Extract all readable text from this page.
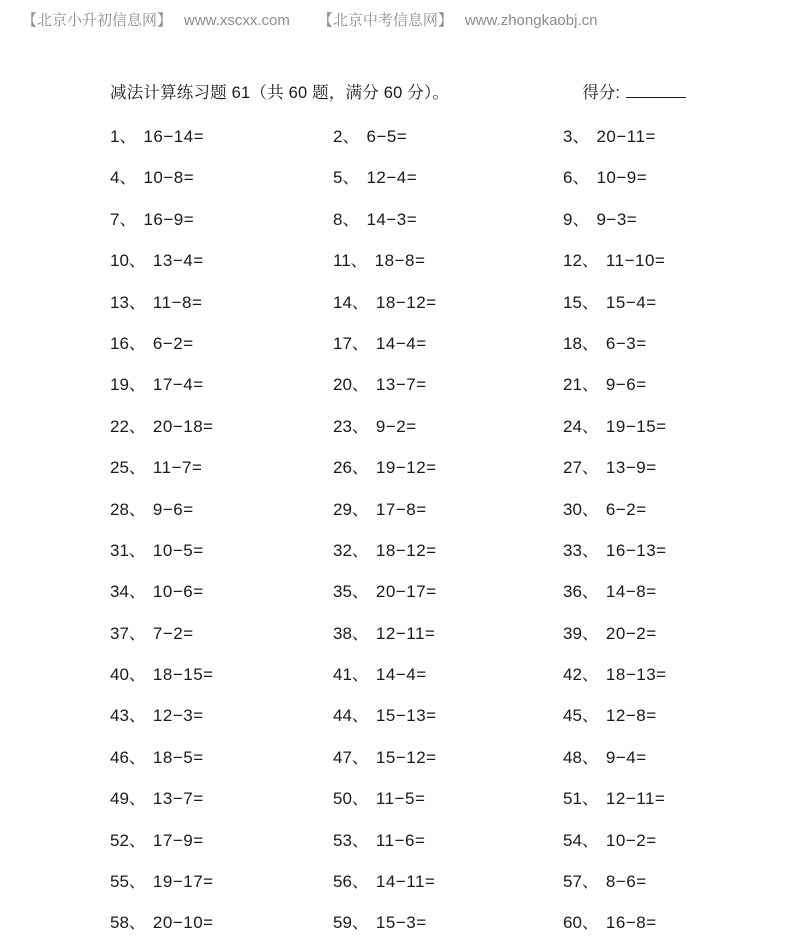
【北京小升初信息网】 www.xscxx.com 【北京中考信息网】 www.zhongkaobj.cn
减法计算练习题 61（共 60 题，满分 60 分）。	得分:
1、 16−14=	2、 6−5=	3、 20−11=
4、 10−8=	5、 12−4=	6、 10−9=
7、 16−9=	8、 14−3=	9、 9−3=
10、 13−4=	11、 18−8=	12、 11−10=
13、 11−8=	14、 18−12=	15、 15−4=
16、 6−2=	17、 14−4=	18、 6−3=
19、 17−4=	20、 13−7=	21、 9−6=
22、 20−18=	23、 9−2=	24、 19−15=
25、 11−7=	26、 19−12=	27、 13−9=
28、 9−6=	29、 17−8=	30、 6−2=
31、 10−5=	32、 18−12=	33、 16−13=
34、 10−6=	35、 20−17=	36、 14−8=
37、 7−2=	38、 12−11=	39、 20−2=
40、 18−15=	41、 14−4=	42、 18−13=
43、 12−3=	44、 15−13=	45、 12−8=
46、 18−5=	47、 15−12=	48、 9−4=
49、 13−7=	50、 11−5=	51、 12−11=
52、 17−9=	53、 11−6=	54、 10−2=
55、 19−17=	56、 14−11=	57、 8−6=
58、 20−10=	59、 15−3=	60、 16−8=
